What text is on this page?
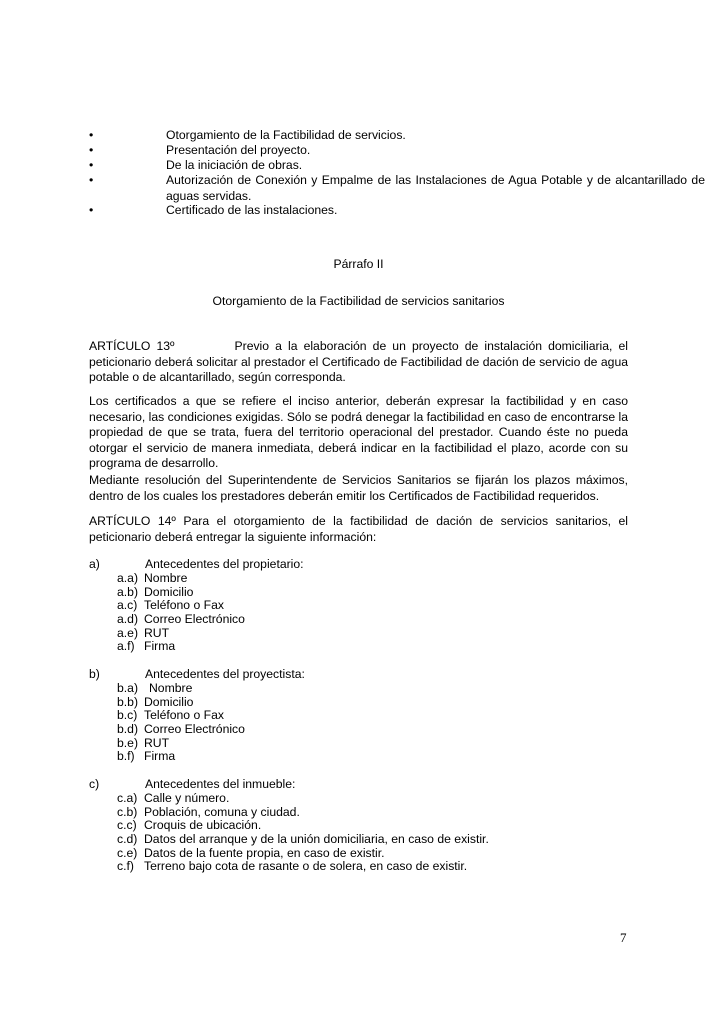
•	Otorgamiento de la Factibilidad de servicios.
•	Presentación del proyecto.
•	De la iniciación de obras.
•	Autorización de Conexión y Empalme de las Instalaciones de Agua Potable y de alcantarillado de aguas servidas.
•	Certificado de las instalaciones.
Párrafo II
Otorgamiento de la Factibilidad de servicios sanitarios

ARTÍCULO 13º	Previo a la elaboración de un proyecto de instalación domiciliaria, el peticionario deberá solicitar al prestador el Certificado de Factibilidad de dación de servicio de agua potable o de alcantarillado, según corresponda.

Los certificados a que se refiere el inciso anterior, deberán expresar la factibilidad y en caso necesario, las condiciones exigidas. Sólo se podrá denegar la factibilidad en caso de encontrarse la propiedad de que se trata, fuera del territorio operacional del prestador. Cuando éste no pueda otorgar el servicio de manera inmediata, deberá indicar en la factibilidad el plazo, acorde con su programa de desarrollo.

Mediante resolución del Superintendente de Servicios Sanitarios se fijarán los plazos máximos, dentro de los cuales los prestadores deberán emitir los Certificados de Factibilidad requeridos.

ARTÍCULO 14º Para el otorgamiento de la factibilidad de dación de servicios sanitarios, el peticionario deberá entregar la siguiente información:

a)	Antecedentes del propietario:
a.a) Nombre
a.b) Domicilio
a.c) Teléfono o Fax
a.d) Correo Electrónico
a.e) RUT
a.f) Firma
b)	Antecedentes del proyectista:
b.a) Nombre
b.b) Domicilio
b.c) Teléfono o Fax
b.d) Correo Electrónico
b.e) RUT
b.f) Firma
c)	Antecedentes del inmueble:
c.a) Calle y número.
c.b) Población, comuna y ciudad.
c.c) Croquis de ubicación.
c.d) Datos del arranque y de la unión domiciliaria, en caso de existir.
c.e) Datos de la fuente propia, en caso de existir.
c.f) Terreno bajo cota de rasante o de solera, en caso de existir.
7
